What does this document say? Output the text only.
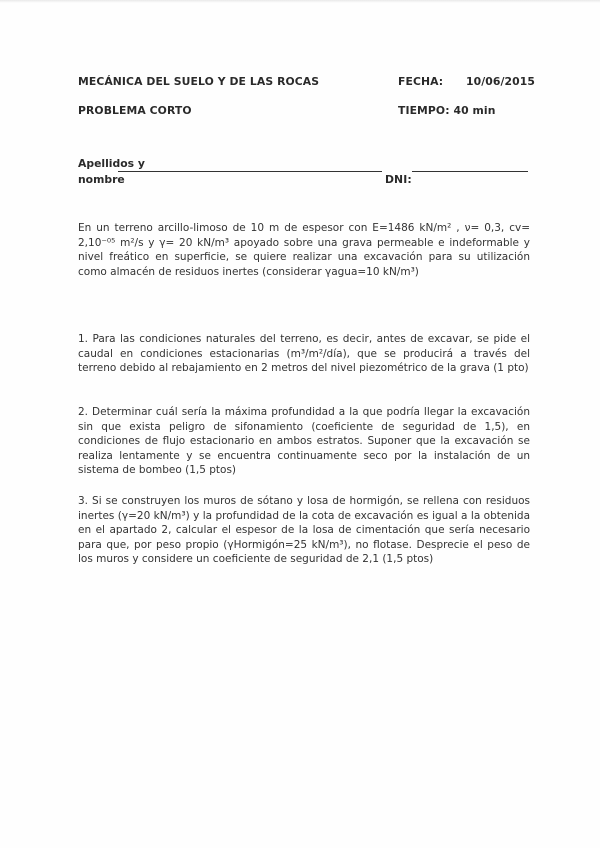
MECÁNICA DEL SUELO Y DE LAS ROCAS	FECHA: 10/06/2015
PROBLEMA CORTO	TIEMPO: 40 min
Apellidos y
nombre	DNI:
En un terreno arcillo-limoso de 10 m de espesor con E=1486 kN/m² , ν= 0,3, cv= 2,10⁻⁰⁵ m²/s y γ= 20 kN/m³ apoyado sobre una grava permeable e indeformable y nivel freático en superficie, se quiere realizar una excavación para su utilización como almacén de residuos inertes (considerar γagua=10 kN/m³)
1. Para las condiciones naturales del terreno, es decir, antes de excavar, se pide el caudal en condiciones estacionarias (m³/m²/día), que se producirá a través del terreno debido al rebajamiento en 2 metros del nivel piezométrico de la grava (1 pto)
2. Determinar cuál sería la máxima profundidad a la que podría llegar la excavación sin que exista peligro de sifonamiento (coeficiente de seguridad de 1,5), en condiciones de flujo estacionario en ambos estratos. Suponer que la excavación se realiza lentamente y se encuentra continuamente seco por la instalación de un sistema de bombeo (1,5 ptos)
3. Si se construyen los muros de sótano y losa de hormigón, se rellena con residuos inertes (γ=20 kN/m³) y la profundidad de la cota de excavación es igual a la obtenida en el apartado 2, calcular el espesor de la losa de cimentación que sería necesario para que, por peso propio (γHormigón=25 kN/m³), no flotase. Desprecie el peso de los muros y considere un coeficiente de seguridad de 2,1 (1,5 ptos)
